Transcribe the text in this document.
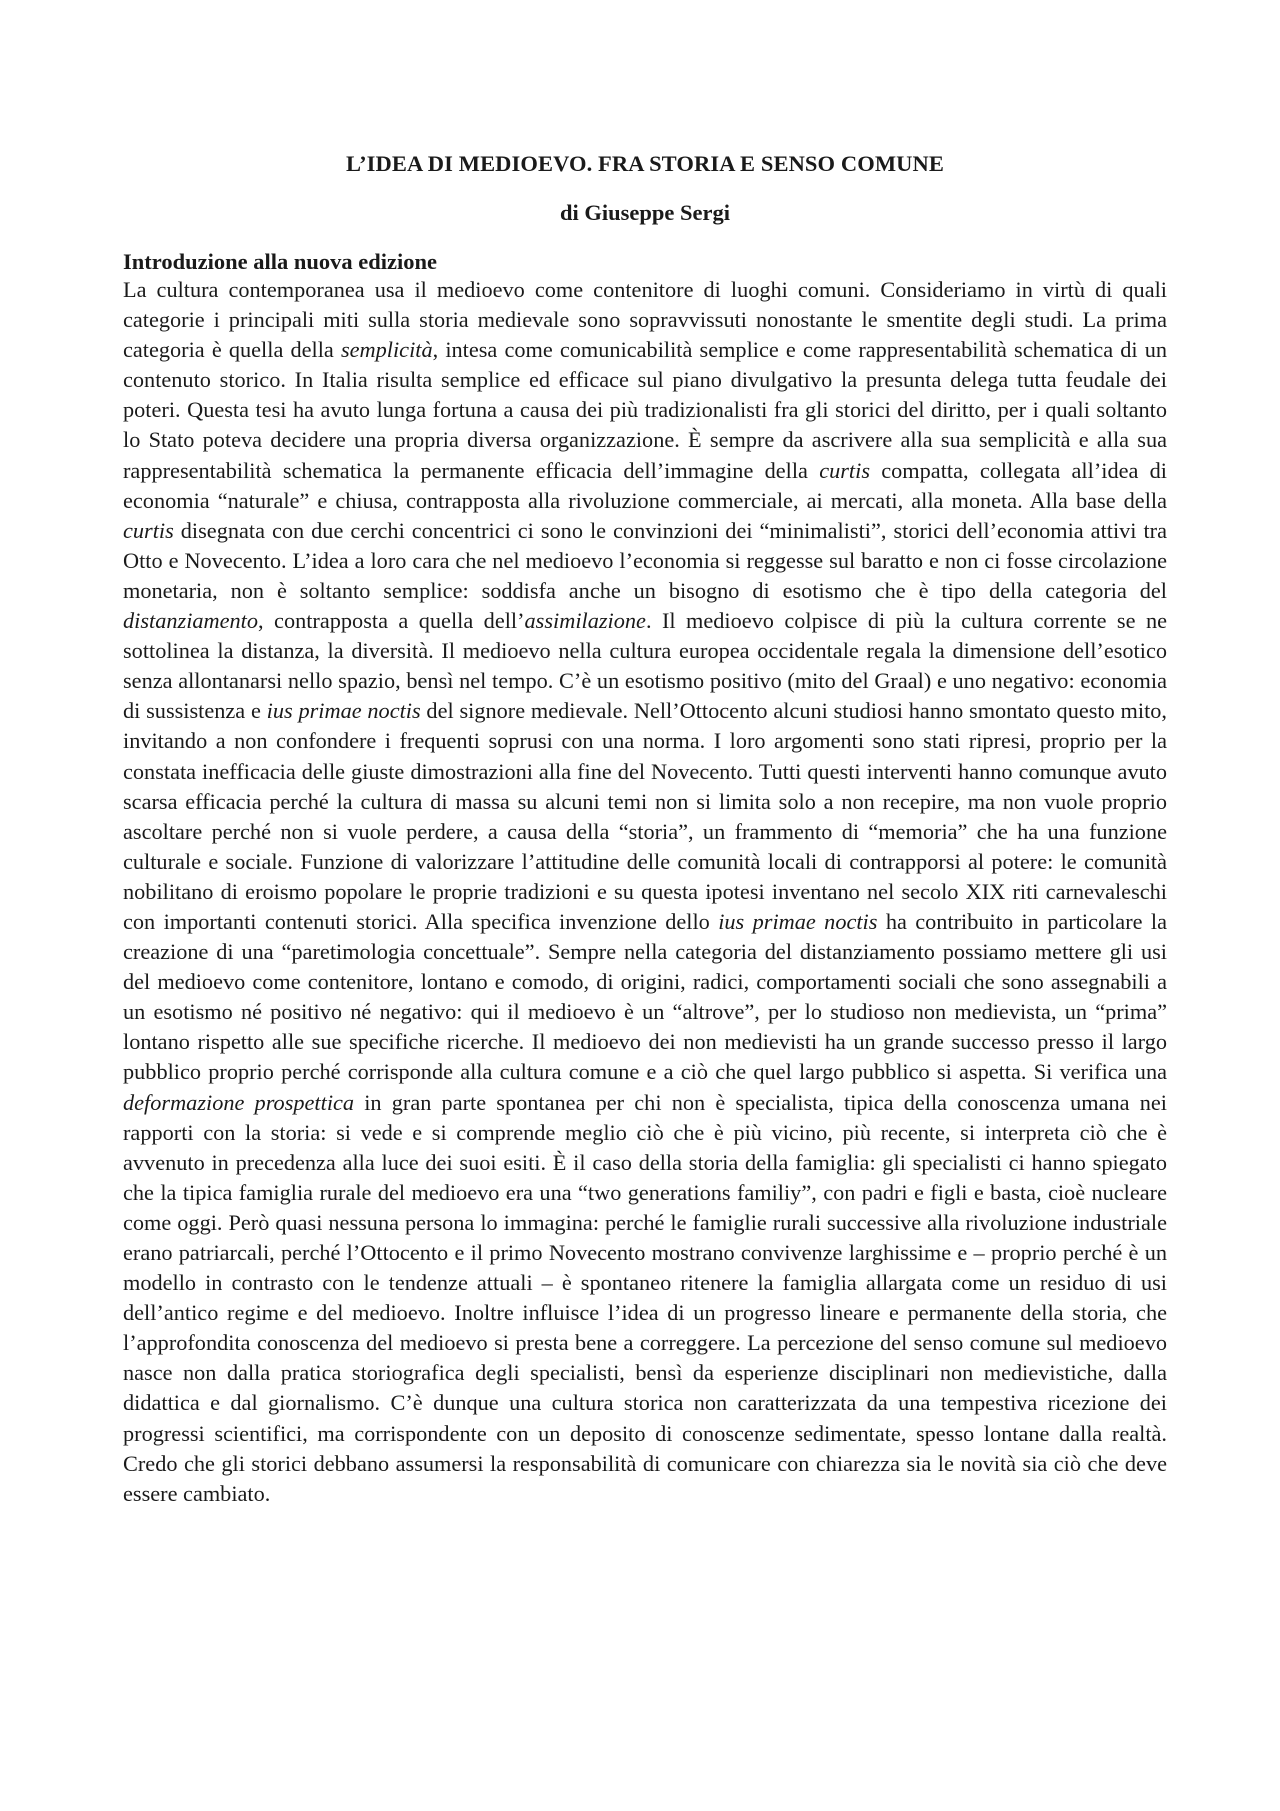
L’IDEA DI MEDIOEVO. FRA STORIA E SENSO COMUNE
di Giuseppe Sergi
Introduzione alla nuova edizione

La cultura contemporanea usa il medioevo come contenitore di luoghi comuni. Consideriamo in virtù di quali categorie i principali miti sulla storia medievale sono sopravvissuti nonostante le smentite degli studi. La prima categoria è quella della semplicità, intesa come comunicabilità semplice e come rappresentabilità schematica di un contenuto storico. In Italia risulta semplice ed efficace sul piano divulgativo la presunta delega tutta feudale dei poteri. Questa tesi ha avuto lunga fortuna a causa dei più tradizionalisti fra gli storici del diritto, per i quali soltanto lo Stato poteva decidere una propria diversa organizzazione. È sempre da ascrivere alla sua semplicità e alla sua rappresentabilità schematica la permanente efficacia dell’immagine della curtis compatta, collegata all’idea di economia “naturale” e chiusa, contrapposta alla rivoluzione commerciale, ai mercati, alla moneta. Alla base della curtis disegnata con due cerchi concentrici ci sono le convinzioni dei “minimalisti”, storici dell’economia attivi tra Otto e Novecento. L’idea a loro cara che nel medioevo l’economia si reggesse sul baratto e non ci fosse circolazione monetaria, non è soltanto semplice: soddisfa anche un bisogno di esotismo che è tipo della categoria del distanziamento, contrapposta a quella dell’assimilazione. Il medioevo colpisce di più la cultura corrente se ne sottolinea la distanza, la diversità. Il medioevo nella cultura europea occidentale regala la dimensione dell’esotico senza allontanarsi nello spazio, bensì nel tempo. C’è un esotismo positivo (mito del Graal) e uno negativo: economia di sussistenza e ius primae noctis del signore medievale. Nell’Ottocento alcuni studiosi hanno smontato questo mito, invitando a non confondere i frequenti soprusi con una norma. I loro argomenti sono stati ripresi, proprio per la constata inefficacia delle giuste dimostrazioni alla fine del Novecento. Tutti questi interventi hanno comunque avuto scarsa efficacia perché la cultura di massa su alcuni temi non si limita solo a non recepire, ma non vuole proprio ascoltare perché non si vuole perdere, a causa della “storia”, un frammento di “memoria” che ha una funzione culturale e sociale. Funzione di valorizzare l’attitudine delle comunità locali di contrapporsi al potere: le comunità nobilitano di eroismo popolare le proprie tradizioni e su questa ipotesi inventano nel secolo XIX riti carnevaleschi con importanti contenuti storici. Alla specifica invenzione dello ius primae noctis ha contribuito in particolare la creazione di una “paretimologia concettuale”. Sempre nella categoria del distanziamento possiamo mettere gli usi del medioevo come contenitore, lontano e comodo, di origini, radici, comportamenti sociali che sono assegnabili a un esotismo né positivo né negativo: qui il medioevo è un “altrove”, per lo studioso non medievista, un “prima” lontano rispetto alle sue specifiche ricerche. Il medioevo dei non medievisti ha un grande successo presso il largo pubblico proprio perché corrisponde alla cultura comune e a ciò che quel largo pubblico si aspetta. Si verifica una deformazione prospettica in gran parte spontanea per chi non è specialista, tipica della conoscenza umana nei rapporti con la storia: si vede e si comprende meglio ciò che è più vicino, più recente, si interpreta ciò che è avvenuto in precedenza alla luce dei suoi esiti. È il caso della storia della famiglia: gli specialisti ci hanno spiegato che la tipica famiglia rurale del medioevo era una “two generations familiy”, con padri e figli e basta, cioè nucleare come oggi. Però quasi nessuna persona lo immagina: perché le famiglie rurali successive alla rivoluzione industriale erano patriarcali, perché l’Ottocento e il primo Novecento mostrano convivenze larghissime e – proprio perché è un modello in contrasto con le tendenze attuali – è spontaneo ritenere la famiglia allargata come un residuo di usi dell’antico regime e del medioevo. Inoltre influisce l’idea di un progresso lineare e permanente della storia, che l’approfondita conoscenza del medioevo si presta bene a correggere. La percezione del senso comune sul medioevo nasce non dalla pratica storiografica degli specialisti, bensì da esperienze disciplinari non medievistiche, dalla didattica e dal giornalismo. C’è dunque una cultura storica non caratterizzata da una tempestiva ricezione dei progressi scientifici, ma corrispondente con un deposito di conoscenze sedimentate, spesso lontane dalla realtà. Credo che gli storici debbano assumersi la responsabilità di comunicare con chiarezza sia le novità sia ciò che deve essere cambiato.
